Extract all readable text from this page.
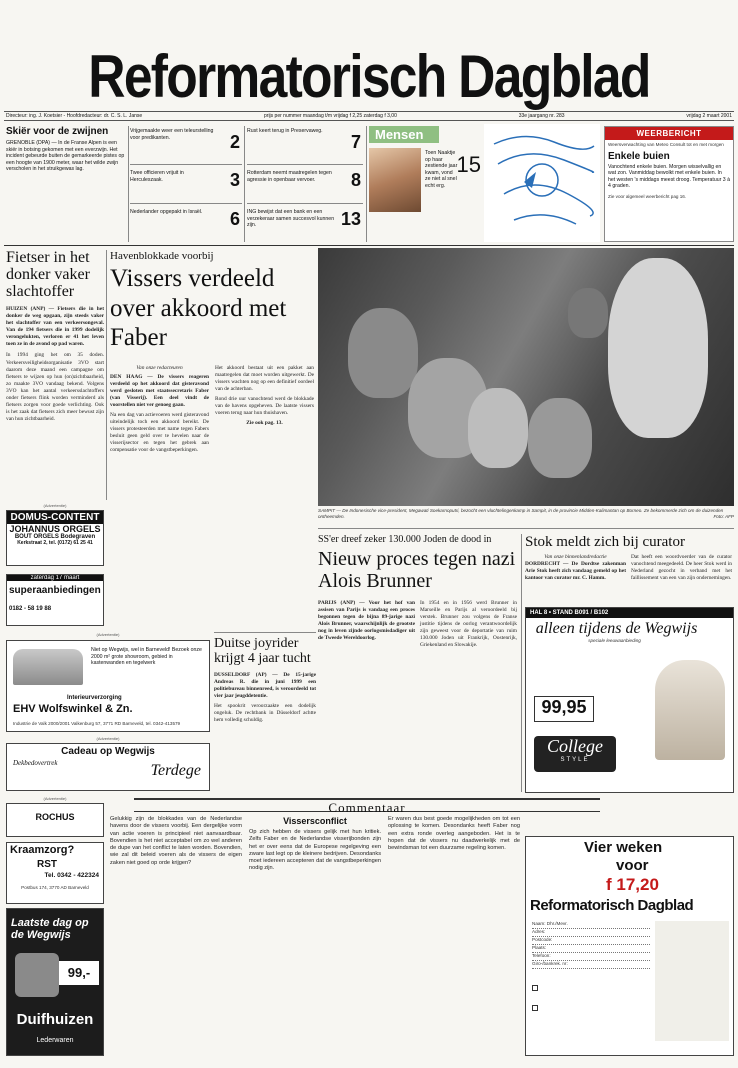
Reformatorisch Dagblad
Directeur: ing. J. Koetsier - Hoofdredacteur: dr. C. S. L. Janse	prijs per nummer maandag t/m vrijdag f 2,25 zaterdag f 3,00	33e jaargang nr. 283	vrijdag 2 maart 2001
Skiër voor de zwijnen
GRENOBLE (DPA) — In de Franse Alpen is een skiër in botsing gekomen met een everzwijn. Het incident gebeurde buiten de gemarkeerde pistes op een hoogte van 1900 meter, waar het wilde zwijn verscholen in het struikgewas lag.
Vrijgemaakte weer een teleurstelling voor predikanten.	2
Twee officieren vrijuit in Herculeszaak.	3
Nederlander opgepakt in Israël.	6
Rust keert terug in Preservaweg.
7
Rotterdam neemt maatregelen tegen agressie in openbaar vervoer.	8
ING bewijst dat een bank en een verzekeraar samen succesvol kunnen zijn.	13
Mensen
Toen Naaktje op haar zestiende jaar kwam, vond ze niet al snel echt erg.
15
WEERBERICHT
Weersverwachting van Meteo Consult tot en met morgen
Enkele buien
Vanochtend enkele buien. Morgen wisselvallig en wat zon. Vanmiddag bewolkt met enkele buien. In het westen 's middags meest droog. Temperatuur 3 à 4 graden.
Zie voor algemeel weerbericht pag 16.
Fietser in het donker vaker slachtoffer
HUIZEN (ANP) — Fietsers die in het donker de weg opgaan, zijn steeds vaker het slachtoffer van een verkeersongeval. Van de 194 fietsers die in 1999 dodelijk verongelukten, verloren er 41 het leven toen ze in de avond op pad waren.
In 1994 ging het om 35 doden. Verkeersveiligheidsorganisatie 3VO start daarom deze maand een campagne om fietsers te wijzen op hun (on)zichtbaarheid, zo maakte 3VO vandaag bekend. Volgens 3VO kan het aantal verkeersslachtoffers onder fietsers flink worden verminderd als fietsers zorgen voor goede verlichting. Ook is het zaak dat fietsers zich meer bewust zijn van hun zichtbaarheid.
Havenblokkade voorbij
Vissers verdeeld over akkoord met Faber
Van onze redacteuren
DEN HAAG — De vissers reageren verdeeld op het akkoord dat gisteravond werd gesloten met staatssecretaris Faber (van Visserij). Een deel vindt de voorstellen niet ver genoeg gaan.
Na een dag van actievoeren werd gisteravond uiteindelijk toch een akkoord bereikt. De vissers protesteerden met name tegen Fabers besluit geen geld over te hevelen naar de visserijsector en tegen het gebrek aan compensatie voor de vangstbeperkingen.
Het akkoord bestaat uit een pakket aan maatregelen dat moet worden uitgewerkt. De vissers wachten nog op een definitief oordeel van de achterban.
Rond drie uur vanochtend werd de blokkade van de havens opgeheven. De laatste vissers voeren terug naar hun thuishaven.
Zie ook pag. 13.
SAMPIT — De Indonesische vice-president, Megawati Soekarnoputri, bezocht een vluchtelingenkamp in Sampit, in de provincie Midden-Kalimantan op Borneo. Ze bekommerde zich om de duizenden ontheemden.	Foto: AFP
SS'er dreef zeker 130.000 Joden de dood in
Nieuw proces tegen nazi Alois Brunner
PARIJS (ANP) — Voor het hof van assisen van Parijs is vandaag een proces begonnen tegen de bijna 89-jarige nazi Alois Brunner, waarschijnlijk de grootste nog in leven zijnde oorlogsmisdadiger uit de Tweede Wereldoorlog.
In 1954 en in 1956 werd Brunner in Marseille en Parijs al veroordeeld bij verstek. Brunner zou volgens de Franse justitie tijdens de oorlog verantwoordelijk zijn geweest voor de deportatie van ruim 130.000 Joden uit Frankrijk, Oostenrijk, Griekenland en Slowakije.
Stok meldt zich bij curator
Van onze binnenlandredactie
DORDRECHT — De Dordtse zakenman Arie Stok heeft zich vandaag gemeld op het kantoor van curator mr. C. Hamm.
Dat heeft een woordvoerder van de curator vanochtend meegedeeld. De heer Stok werd in Nederland gezocht in verband met het faillissement van een van zijn ondernemingen.
HAL 8 • STAND B091 / B102
alleen tijdens de Wegwijs
speciale leeuwaanbieding
99,95
College
STYLE
Duitse joyrider krijgt 4 jaar tucht
DUSSELDORF (AP) — De 15-jarige Andreas R. die in juni 1999 een politiebureau binnenreed, is veroordeeld tot vier jaar jeugddetentie.
Het spookrit veroorzaakte een dodelijk ongeluk. De rechtbank in Düsseldorf achtte hem volledig schuldig.
(Advertentie)
DOMUS-CONTENT
JOHANNUS ORGELS
BOUT ORGELS Bodegraven
Kerkstraat 2, tel. (0172) 61 25 41
zaterdag 17 maart
superaanbiedingen
0182 - 58 19 88
(Advertentie)
Niet op Wegwijs, wel in Barneveld! Bezoek onze 2000 m² grote showroom, gebied in kastenwanden en tegelwerk
Interieurverzorging
EHV Wolfswinkel & Zn.
Industrie de Valk 2000/2001 Valkenburg 57, 3771 RD Barneveld, tel. 0342-413579
(Advertentie)
Cadeau op Wegwijs
Dekbedovertrek	Terdege
Commentaar
(Advertentie)
ROCHUS
Kraamzorg?
RST
Tel. 0342 - 422324
Postbus 174, 3770 AD Barneveld
Laatste dag op de Wegwijs
99,-
Duifhuizen
Lederwaren
Gelukkig zijn de blokkades van de Nederlandse havens door de vissers voorbij. Een dergelijke vorm van actie voeren is principieel niet aanvaardbaar. Bovendien is het niet acceptabel om zo wel anderen de dupe van het conflict te laten worden. Bovendien, wie zal dit beleid voeren als de vissers de eigen zaken niet goed op orde krijgen?
Vissersconflict
Op zich hebben de vissers gelijk met hun kritiek. Zelfs Faber en de Nederlandse visserijbonden zijn het er over eens dat de Europese regelgeving een zware last legt op de kleinere bedrijven. Desondanks moet iedereen accepteren dat de vangstbeperkingen nodig zijn.
Er waren dus best goede mogelijkheden om tot een oplossing te komen. Desondanks heeft Faber nog een extra ronde overleg aangeboden. Het is te hopen dat de vissers nu daadwerkelijk met de bewindsman tot een duurzame regeling komen.	Vier weken
voor
f 17,20
Reformatorisch Dagblad
Naam: Dhr./Mevr.
Adres:
Postcode:
Plaats:
Telefoon:
Giro-/bankrek. nr:
